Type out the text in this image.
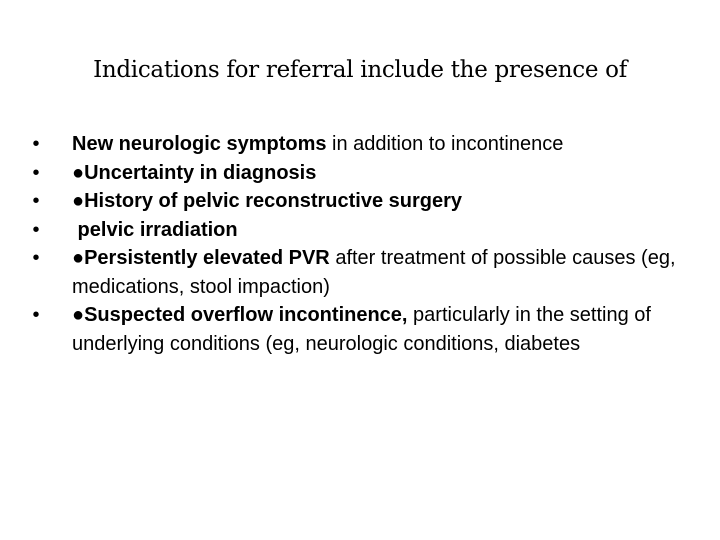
Indications for referral include the presence of
•	New neurologic symptoms in addition to incontinence
•	●Uncertainty in diagnosis
•	●History of pelvic reconstructive surgery
•	pelvic irradiation
•	●Persistently elevated PVR after treatment of possible causes (eg, medications, stool impaction)
•	●Suspected overflow incontinence, particularly in the setting of underlying conditions (eg, neurologic conditions, diabetes
